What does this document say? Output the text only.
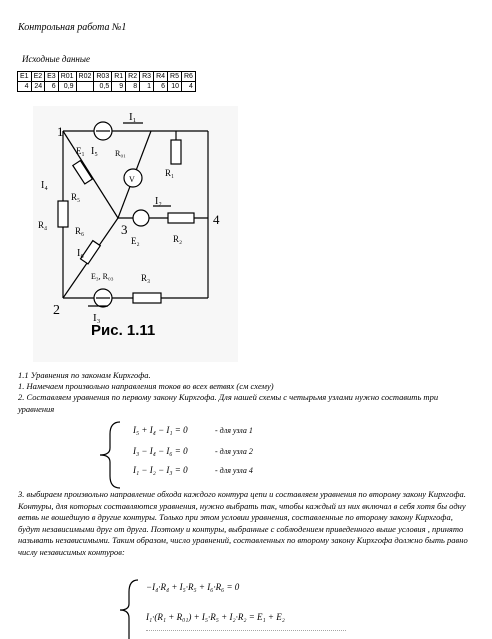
Контрольная работа №1
Исходные данные
E1	E2	E3	R01	R02	R03	R1	R2	R3	R4	R5	R6
4	24	6	0,9		0,5	9	8	1	6	10	4
1
2
3
4
I₁
I₂
I₃
I₄
I₅
I₆
E₁	R₀₁
R₁
V
R₅
R₄
R₆
E₂	R₂
E₃, R₀₃	R₃
Рис. 1.11
1.1 Уравнения по законам Кирхгофа.
1. Намечаем произвольно направления токов во всех ветвях (см схему)
2. Составляем уравнения по первому закону Кирхгофа. Для нашей схемы с четырьмя узлами нужно составить три уравнения
I₅ + I₄ − I₁ = 0	- для узла 1
I₃ − I₄ − I₆ = 0	- для узла 2
I₁ − I₂ − I₃ = 0	- для узла 4
3. выбираем произвольно направление обхода каждого контура цепи и составляем уравнения по второму закону Кирхгофа. Контуры, для которых составляются уравнения, нужно выбрать так, чтобы каждый из них включал в себя хотя бы одну ветвь не вошедшую в другие контуры. Только при этом условии уравнения, составленные по второму закону Кирхгофа, будут независимыми друг от друга. Поэтому и контуры, выбранные с соблюдением приведенного выше условия , принято называть независимыми. Таким образом, число уравнений, составленных по второму закону Кирхгофа должно быть равно числу независимых контуров:
−I₄·R₄ + I₅·R₅ + I₆·R₆ = 0
I₁·(R₁ + R₀₁) + I₅·R₅ + I₂·R₂ = E₁ + E₂
